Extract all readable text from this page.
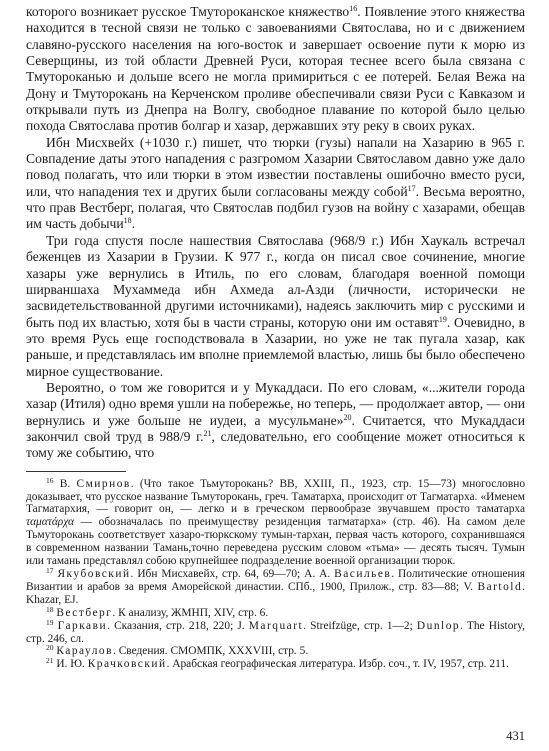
которого возникает русское Тмутороканское княжество$^{16}$. Появление этого княжества находится в тесной связи не только с завоеваниями Святослава, но и с движением славяно-русского населения на юго-восток и завершает освоение пути к морю из Северщины, из той области Древней Руси, которая теснее всего была связана с Тмутороканью и дольше всего не могла примириться с ее потерей. Белая Вежа на Дону и Тмуторокань на Керченском проливе обеспечивали связи Руси с Кавказом и открывали путь из Днепра на Волгу, свободное плавание по которой было целью похода Святослава против болгар и хазар, державших эту реку в своих руках.

Ибн Мисхвейх (+1030 г.) пишет, что тюрки (гузы) напали на Хазарию в 965 г. Совпадение даты этого нападения с разгромом Хазарии Святославом давно уже дало повод полагать, что или тюрки в этом известии поставлены ошибочно вместо руси, или, что нападения тех и других были согласованы между собой$^{17}$. Весьма вероятно, что прав Вестберг, полагая, что Святослав подбил гузов на войну с хазарами, обещав им часть добычи$^{18}$.

Три года спустя после нашествия Святослава (968/9 г.) Ибн Хаукаль встречал беженцев из Хазарии в Грузии. К 977 г., когда он писал свое сочинение, многие хазары уже вернулись в Итиль, по его словам, благодаря военной помощи ширваншаха Мухаммеда ибн Ахмеда ал-Азди (личности, исторически не засвидетельствованной другими источниками), надеясь заключить мир с русскими и быть под их властью, хотя бы в части страны, которую они им оставят$^{19}$. Очевидно, в это время Русь еще господствовала в Хазарии, но уже не так пугала хазар, как раньше, и представлялась им вполне приемлемой властью, лишь бы было обеспечено мирное существование.

Вероятно, о том же говорится и у Мукаддаси. По его словам, «...жители города хазар (Итиля) одно время ушли на побережье, но теперь, — продолжает автор, — они вернулись и уже больше не иудеи, а мусульмане»$^{20}$. Считается, что Мукаддаси закончил свой труд в 988/9 г.$^{21}$, следовательно, его сообщение может относиться к тому же событию, что

$^{16}$ В. Смирнов. (Что такое Тьмуторокань? ВВ, XXIII, П., 1923, стр. 15—73) многословно доказывает, что русское название Тьмуторокань, греч. Таматарха, происходит от Тагматарха. «Именем Тагматархия, — говорит он, — легко и в греческом первообразе звучавшем просто таматарха ταματάρχα — обозначалась по преимуществу резиденция тагматарха» (стр. 46). На самом деле Тьмуторокань соответствует хазаро-тюркскому тумын-тархан, первая часть которого, сохранившаяся в современном названии Тамань,точно переведена русским словом «тьма» — десять тысяч. Тумын или тамань представлял собою крупнейшее подразделение военной организации тюрок.

$^{17}$ Якубовский. Ибн Мисхавейх, стр. 64, 69—70; А. А. Васильев. Политические отношения Византии и арабов за время Аморейской династии. СПб., 1900, Прилож., стр. 83—88; V. Bartold. Khazar, EJ.

$^{18}$ Вестберг. К анализу, ЖМНП, XIV, стр. 6.

$^{19}$ Гаркави. Сказания, стр. 218, 220; J. Marquart. Streifzüge, стр. 1—2; Dunlop. The History, стр. 246, сл.

$^{20}$ Караулов. Сведения. СМОМПК, XXXVIII, стр. 5.

$^{21}$ И. Ю. Крачковский. Арабская географическая литература. Избр. соч., т. IV, 1957, стр. 211.

431
